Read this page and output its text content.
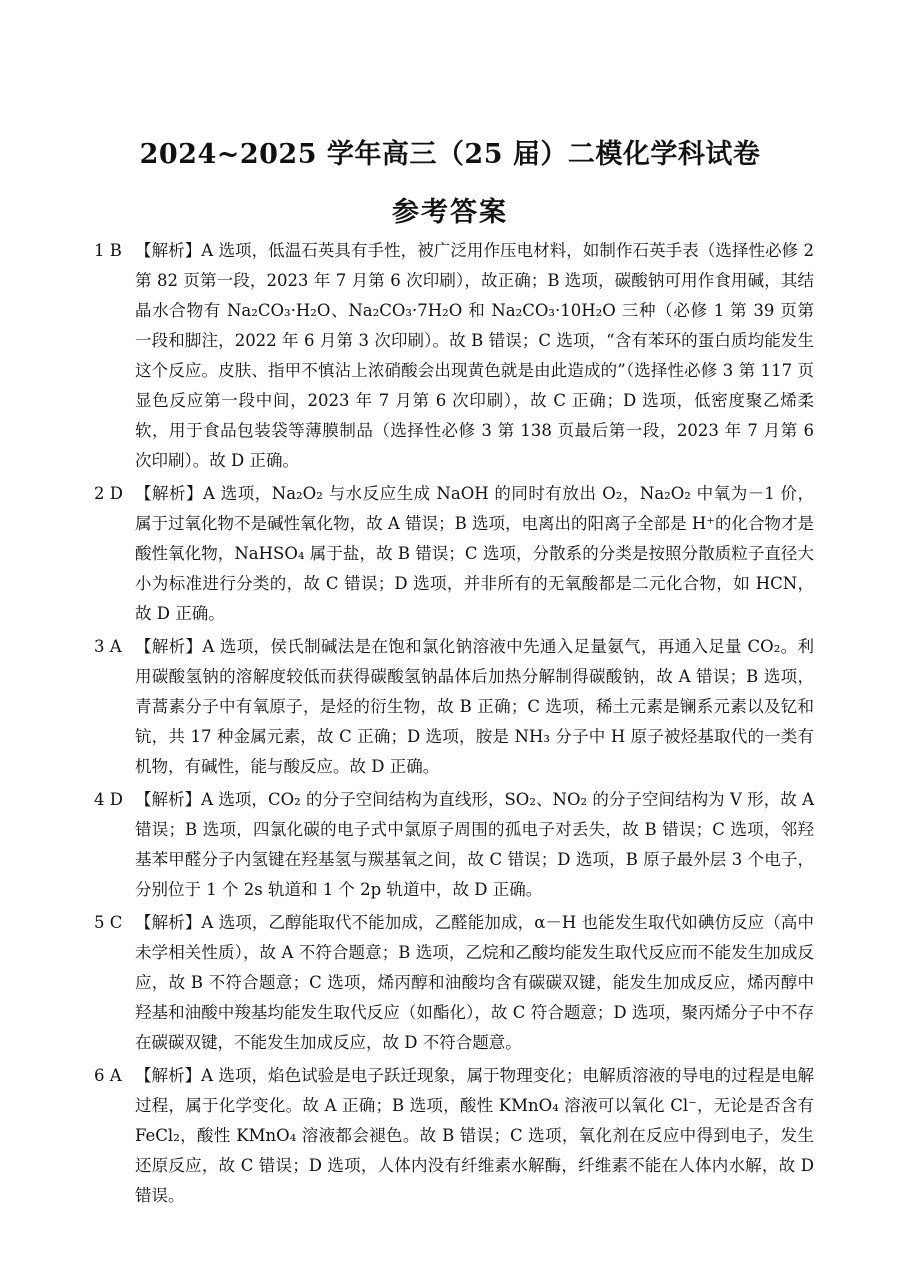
2024~2025 学年高三（25 届）二模化学科试卷
参考答案
1 B 【解析】A 选项，低温石英具有手性，被广泛用作压电材料，如制作石英手表（选择性必修 2 第 82 页第一段，2023 年 7 月第 6 次印刷），故正确；B 选项，碳酸钠可用作食用碱，其结晶水合物有 Na₂CO₃·H₂O、Na₂CO₃·7H₂O 和 Na₂CO₃·10H₂O 三种（必修 1 第 39 页第一段和脚注，2022 年 6 月第 3 次印刷）。故 B 错误；C 选项，“含有苯环的蛋白质均能发生这个反应。皮肤、指甲不慎沾上浓硝酸会出现黄色就是由此造成的”（选择性必修 3 第 117 页显色反应第一段中间，2023 年 7 月第 6 次印刷），故 C 正确；D 选项，低密度聚乙烯柔软，用于食品包装袋等薄膜制品（选择性必修 3 第 138 页最后第一段，2023 年 7 月第 6 次印刷）。故 D 正确。

2 D 【解析】A 选项，Na₂O₂ 与水反应生成 NaOH 的同时有放出 O₂，Na₂O₂ 中氧为－1 价，属于过氧化物不是碱性氧化物，故 A 错误；B 选项，电离出的阳离子全部是 H⁺的化合物才是酸性氧化物，NaHSO₄ 属于盐，故 B 错误；C 选项，分散系的分类是按照分散质粒子直径大小为标准进行分类的，故 C 错误；D 选项，并非所有的无氧酸都是二元化合物，如 HCN，故 D 正确。

3 A 【解析】A 选项，侯氏制碱法是在饱和氯化钠溶液中先通入足量氨气，再通入足量 CO₂。利用碳酸氢钠的溶解度较低而获得碳酸氢钠晶体后加热分解制得碳酸钠，故 A 错误；B 选项，青蒿素分子中有氧原子，是烃的衍生物，故 B 正确；C 选项，稀土元素是镧系元素以及钇和钪，共 17 种金属元素，故 C 正确；D 选项，胺是 NH₃ 分子中 H 原子被烃基取代的一类有机物，有碱性，能与酸反应。故 D 正确。

4 D 【解析】A 选项，CO₂ 的分子空间结构为直线形，SO₂、NO₂ 的分子空间结构为 V 形，故 A 错误；B 选项，四氯化碳的电子式中氯原子周围的孤电子对丢失，故 B 错误；C 选项，邻羟基苯甲醛分子内氢键在羟基氢与羰基氧之间，故 C 错误；D 选项，B 原子最外层 3 个电子，分别位于 1 个 2s 轨道和 1 个 2p 轨道中，故 D 正确。

5 C 【解析】A 选项，乙醇能取代不能加成，乙醛能加成，α－H 也能发生取代如碘仿反应（高中未学相关性质），故 A 不符合题意；B 选项，乙烷和乙酸均能发生取代反应而不能发生加成反应，故 B 不符合题意；C 选项，烯丙醇和油酸均含有碳碳双键，能发生加成反应，烯丙醇中羟基和油酸中羧基均能发生取代反应（如酯化），故 C 符合题意；D 选项，聚丙烯分子中不存在碳碳双键，不能发生加成反应，故 D 不符合题意。

6 A 【解析】A 选项，焰色试验是电子跃迁现象，属于物理变化；电解质溶液的导电的过程是电解过程，属于化学变化。故 A 正确；B 选项，酸性 KMnO₄ 溶液可以氧化 Cl⁻，无论是否含有 FeCl₂，酸性 KMnO₄ 溶液都会褪色。故 B 错误；C 选项，氧化剂在反应中得到电子，发生还原反应，故 C 错误；D 选项，人体内没有纤维素水解酶，纤维素不能在人体内水解，故 D 错误。
